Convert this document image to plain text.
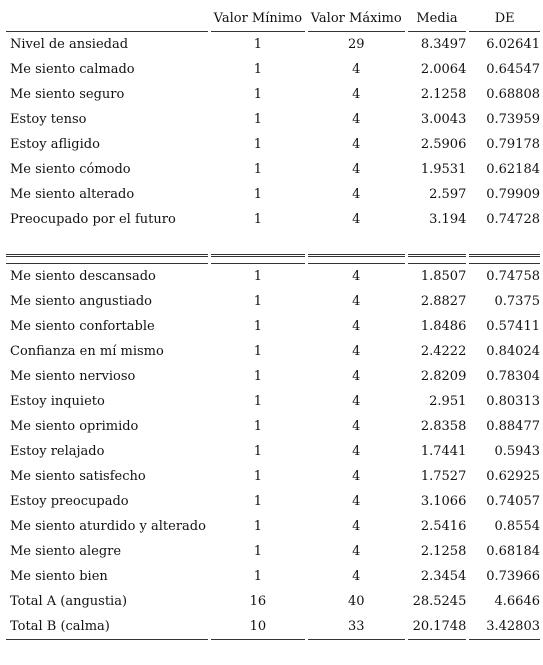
	Valor Mínimo	Valor Máximo	Media	DE
Nivel de ansiedad	1	29	8.3497	6.02641
Me siento calmado	1	4	2.0064	0.64547
Me siento seguro	1	4	2.1258	0.68808
Estoy tenso	1	4	3.0043	0.73959
Estoy afligido	1	4	2.5906	0.79178
Me siento cómodo	1	4	1.9531	0.62184
Me siento alterado	1	4	2.597	0.79909
Preocupado por el futuro	1	4	3.194	0.74728

Me siento descansado	1	4	1.8507	0.74758
Me siento angustiado	1	4	2.8827	0.7375
Me siento confortable	1	4	1.8486	0.57411
Confianza en mí mismo	1	4	2.4222	0.84024
Me siento nervioso	1	4	2.8209	0.78304
Estoy inquieto	1	4	2.951	0.80313
Me siento oprimido	1	4	2.8358	0.88477
Estoy relajado	1	4	1.7441	0.5943
Me siento satisfecho	1	4	1.7527	0.62925
Estoy preocupado	1	4	3.1066	0.74057
Me siento aturdido y alterado	1	4	2.5416	0.8554
Me siento alegre	1	4	2.1258	0.68184
Me siento bien	1	4	2.3454	0.73966
Total A (angustia)	16	40	28.5245	4.6646
Total B (calma)	10	33	20.1748	3.42803
